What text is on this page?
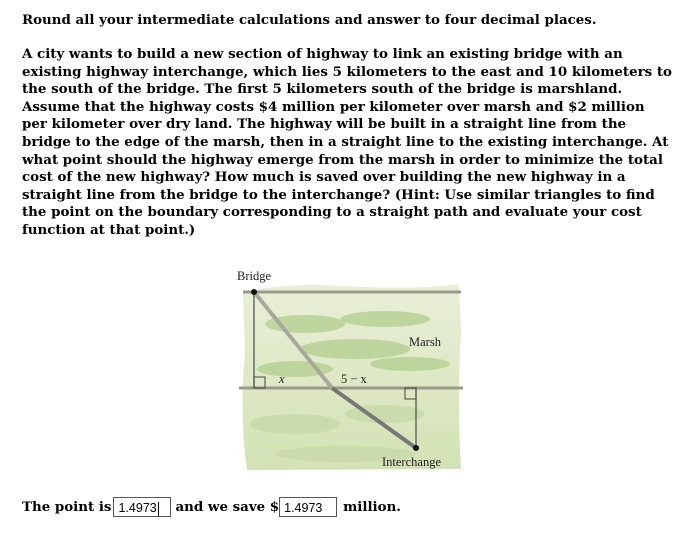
Round all your intermediate calculations and answer to four decimal places.

A city wants to build a new section of highway to link an existing bridge with an existing highway interchange, which lies 5 kilometers to the east and 10 kilometers to the south of the bridge. The first 5 kilometers south of the bridge is marshland. Assume that the highway costs $4 million per kilometer over marsh and $2 million per kilometer over dry land. The highway will be built in a straight line from the bridge to the edge of the marsh, then in a straight line to the existing interchange. At what point should the highway emerge from the marsh in order to minimize the total cost of the new highway? How much is saved over building the new highway in a straight line from the bridge to the interchange? (Hint: Use similar triangles to find the point on the boundary corresponding to a straight path and evaluate your cost function at that point.)

Bridge
Marsh
Interchange
x	5 − x
The point is 1.4973	and we save $ 1.4973	million.
